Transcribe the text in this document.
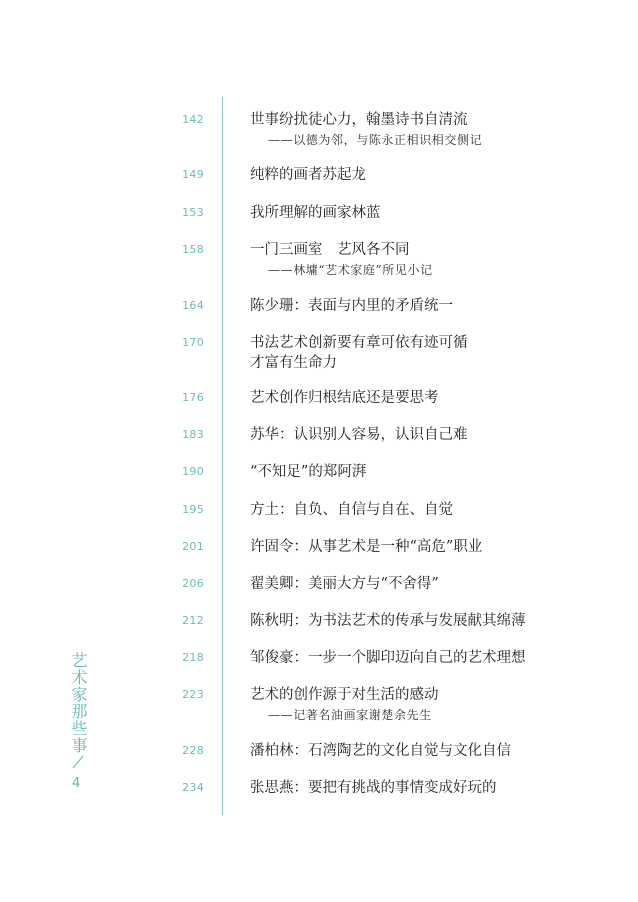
142	世事纷扰徒心力，翰墨诗书自清流
——以德为邻，与陈永正相识相交侧记
149	纯粹的画者苏起龙
153	我所理解的画家林蓝
158	一门三画室　艺风各不同
——林墉“艺术家庭”所见小记
164	陈少珊：表面与内里的矛盾统一
170	书法艺术创新要有章可依有迹可循
才富有生命力
176	艺术创作归根结底还是要思考
183	苏华：认识别人容易，认识自己难
190	“不知足”的郑阿湃
195	方土：自负、自信与自在、自觉
201	许固令：从事艺术是一种“高危”职业
206	翟美卿：美丽大方与“不舍得”
212	陈秋明：为书法艺术的传承与发展献其绵薄
218	邹俊豪：一步一个脚印迈向自己的艺术理想
223	艺术的创作源于对生活的感动
——记著名油画家谢楚余先生
228	潘柏林：石湾陶艺的文化自觉与文化自信
234	张思燕：要把有挑战的事情变成好玩的
艺术家那些事
4
